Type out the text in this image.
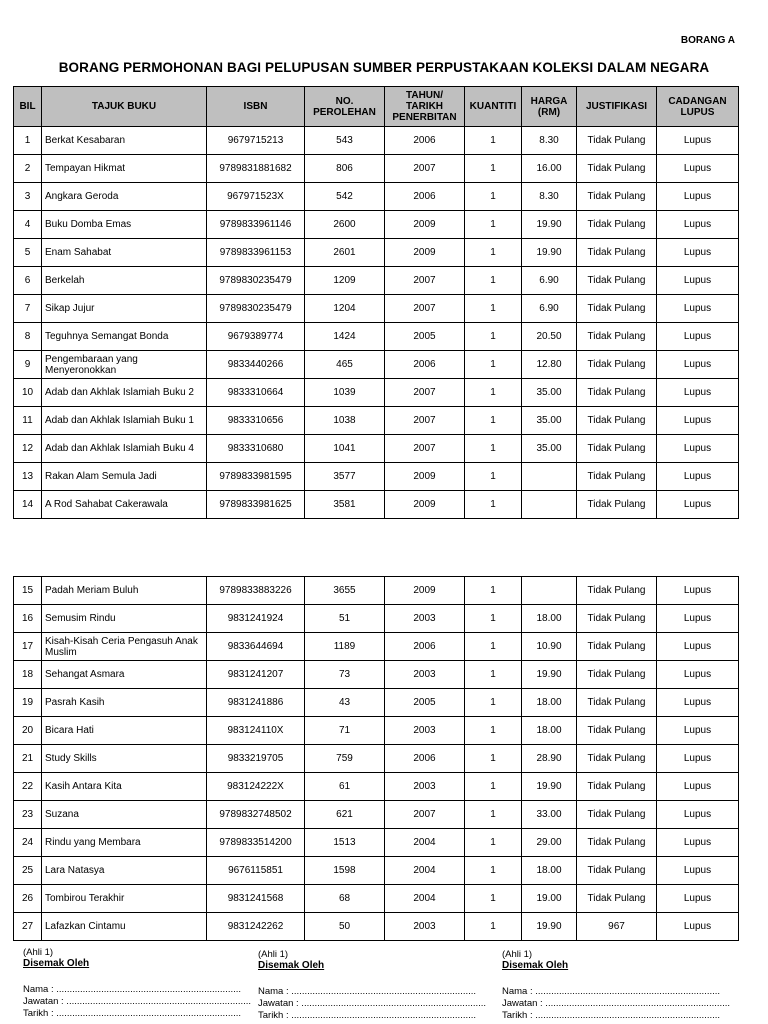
BORANG A
BORANG PERMOHONAN BAGI PELUPUSAN SUMBER PERPUSTAKAAN KOLEKSI DALAM NEGARA
BIL	TAJUK BUKU	ISBN	NO. PEROLEHAN	TAHUN/ TARIKH PENERBITAN	KUANTITI	HARGA (RM)	JUSTIFIKASI	CADANGAN LUPUS
1	Berkat Kesabaran	9679715213	543	2006	1	8.30	Tidak Pulang	Lupus
2	Tempayan Hikmat	9789831881682	806	2007	1	16.00	Tidak Pulang	Lupus
3	Angkara Geroda	967971523X	542	2006	1	8.30	Tidak Pulang	Lupus
4	Buku Domba Emas	9789833961146	2600	2009	1	19.90	Tidak Pulang	Lupus
5	Enam Sahabat	9789833961153	2601	2009	1	19.90	Tidak Pulang	Lupus
6	Berkelah	9789830235479	1209	2007	1	6.90	Tidak Pulang	Lupus
7	Sikap Jujur	9789830235479	1204	2007	1	6.90	Tidak Pulang	Lupus
8	Teguhnya Semangat Bonda	9679389774	1424	2005	1	20.50	Tidak Pulang	Lupus
9	Pengembaraan yang Menyeronokkan	9833440266	465	2006	1	12.80	Tidak Pulang	Lupus
10	Adab dan Akhlak Islamiah Buku 2	9833310664	1039	2007	1	35.00	Tidak Pulang	Lupus
11	Adab dan Akhlak Islamiah Buku 1	9833310656	1038	2007	1	35.00	Tidak Pulang	Lupus
12	Adab dan Akhlak Islamiah Buku 4	9833310680	1041	2007	1	35.00	Tidak Pulang	Lupus
13	Rakan Alam Semula Jadi	9789833981595	3577	2009	1		Tidak Pulang	Lupus
14	A Rod Sahabat Cakerawala	9789833981625	3581	2009	1		Tidak Pulang	Lupus
15	Padah Meriam Buluh	9789833883226	3655	2009	1		Tidak Pulang	Lupus
16	Semusim Rindu	9831241924	51	2003	1	18.00	Tidak Pulang	Lupus
17	Kisah-Kisah Ceria Pengasuh Anak Muslim	9833644694	1189	2006	1	10.90	Tidak Pulang	Lupus
18	Sehangat Asmara	9831241207	73	2003	1	19.90	Tidak Pulang	Lupus
19	Pasrah Kasih	9831241886	43	2005	1	18.00	Tidak Pulang	Lupus
20	Bicara Hati	983124110X	71	2003	1	18.00	Tidak Pulang	Lupus
21	Study Skills	9833219705	759	2006	1	28.90	Tidak Pulang	Lupus
22	Kasih Antara Kita	983124222X	61	2003	1	19.90	Tidak Pulang	Lupus
23	Suzana	9789832748502	621	2007	1	33.00	Tidak Pulang	Lupus
24	Rindu yang Membara	9789833514200	1513	2004	1	29.00	Tidak Pulang	Lupus
25	Lara Natasya	9676115851	1598	2004	1	18.00	Tidak Pulang	Lupus
26	Tombirou Terakhir	9831241568	68	2004	1	19.00	Tidak Pulang	Lupus
27	Lafazkan Cintamu	9831242262	50	2003	1	19.90	967	Lupus
(Ahli 1)
Disemak Oleh
Nama : ......................................................................
Jawatan : ......................................................................
Tarikh : ......................................................................
(Ahli 1)
Disemak Oleh
Nama : ......................................................................
Jawatan : ......................................................................
Tarikh : ......................................................................
(Ahli 1)
Disemak Oleh
Nama : ......................................................................
Jawatan : ......................................................................
Tarikh : ......................................................................
